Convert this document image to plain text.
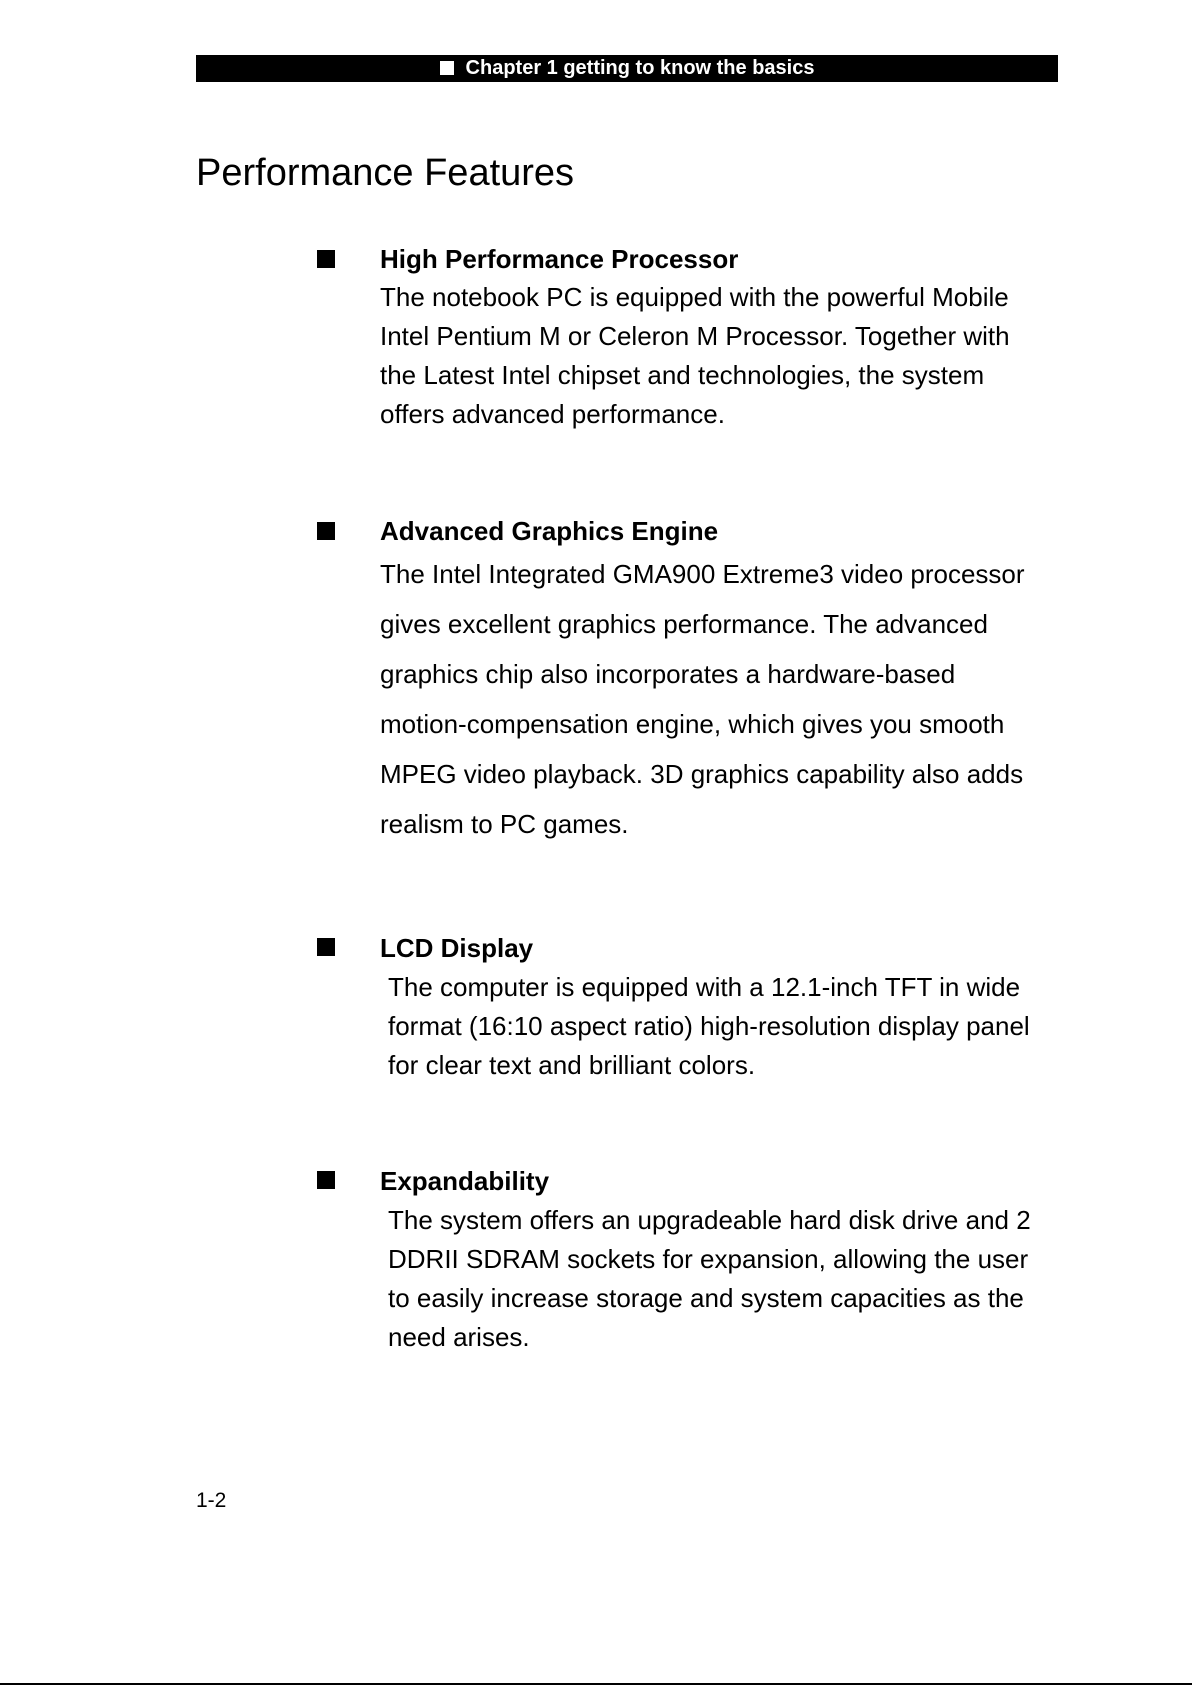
Chapter 1 getting to know the basics
Performance Features
High Performance Processor
The notebook PC is equipped with the powerful Mobile
Intel Pentium M or Celeron M Processor. Together with
the Latest Intel chipset and technologies, the system
offers advanced performance.
Advanced Graphics Engine
The Intel Integrated GMA900 Extreme3 video processor
gives excellent graphics performance. The advanced
graphics chip also incorporates a hardware-based
motion-compensation engine, which gives you smooth
MPEG video playback. 3D graphics capability also adds
realism to PC games.
LCD Display
The computer is equipped with a 12.1-inch TFT in wide
format (16:10 aspect ratio) high-resolution display panel
for clear text and brilliant colors.
Expandability
The system offers an upgradeable hard disk drive and 2
DDRII SDRAM sockets for expansion, allowing the user
to easily increase storage and system capacities as the
need arises.
1-2
